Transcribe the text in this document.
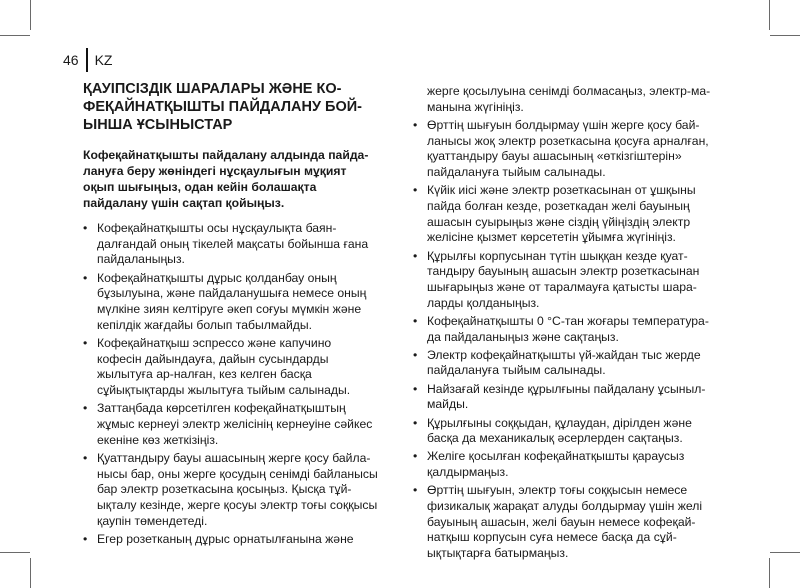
46 KZ
ҚАУІПСІЗДІК ШАРАЛАРЫ ЖӘНЕ КО-ФЕҚАЙНАТҚЫШТЫ ПАЙДАЛАНУ БОЙ-ЫНША ҰСЫНЫСТАР

Кофеқайнатқышты пайдалану алдында пайда-лануға беру жөніндегі нұсқаулығын мұқият оқып шығыңыз, одан кейін болашақта пайдалану үшін сақтап қойыңыз.

• Кофеқайнатқышты осы нұсқаулықта баян-далғандай оның тікелей мақсаты бойынша ғана пайдаланыңыз.
• Кофеқайнатқышты дұрыс қолданбау оның бұзылуына, және пайдаланушыға немесе оның мүлкіне зиян келтіруге әкеп соғуы мүмкін және кепілдік жағдайы болып табылмайды.
• Кофеқайнатқыш эспрессо және капучино кофесін дайындауға, дайын сусындарды жылытуға ар-налған, кез келген басқа сұйықтықтарды жылытуға тыйым салынады.
• Заттаңбада көрсетілген кофеқайнатқыштың жұмыс кернеуі электр желісінің кернеуіне сәйкес екеніне көз жеткізіңіз.
• Қуаттандыру бауы ашасының жерге қосу байла-нысы бар, оны жерге қосудың сенімді байланысы бар электр розеткасына қосыңыз. Қысқа тұй-ықталу кезінде, жерге қосуы электр тоғы соққысы қаупін төмендетеді.
• Егер розетканың дұрыс орнатылғанына және
жерге қосылуына сенімді болмасаңыз, электр-ма-манына жүгініңіз.
• Өрттің шығуын болдырмау үшін жерге қосу бай-ланысы жоқ электр розеткасына қосуға арналған, қуаттандыру бауы ашасының «өткізгіштерін» пайдалануға тыйым салынады.
• Күйік иісі және электр розеткасынан от ұшқыны пайда болған кезде, розеткадан желі бауының ашасын суырыңыз және сіздің үйіңіздің электр желісіне қызмет көрсететін ұйымға жүгініңіз.
• Құрылғы корпусынан түтін шыққан кезде қуат-тандыру бауының ашасын электр розеткасынан шығарыңыз және от таралмауға қатысты шара-ларды қолданыңыз.
• Кофеқайнатқышты 0 °С-тан жоғары температура-да пайдаланыңыз және сақтаңыз.
• Электр кофеқайнатқышты үй-жайдан тыс жерде пайдалануға тыйым салынады.
• Найзағай кезінде құрылғыны пайдалану ұсыныл-майды.
• Құрылғыны соққыдан, құлаудан, дірілден және басқа да механикалық әсерлерден сақтаңыз.
• Желіге қосылған кофеқайнатқышты қараусыз қалдырмаңыз.
• Өрттің шығуын, электр тоғы соққысын немесе физикалық жарақат алуды болдырмау үшін желі бауының ашасын, желі бауын немесе кофеқай-натқыш корпусын суға немесе басқа да сұй-ықтықтарға батырмаңыз.
